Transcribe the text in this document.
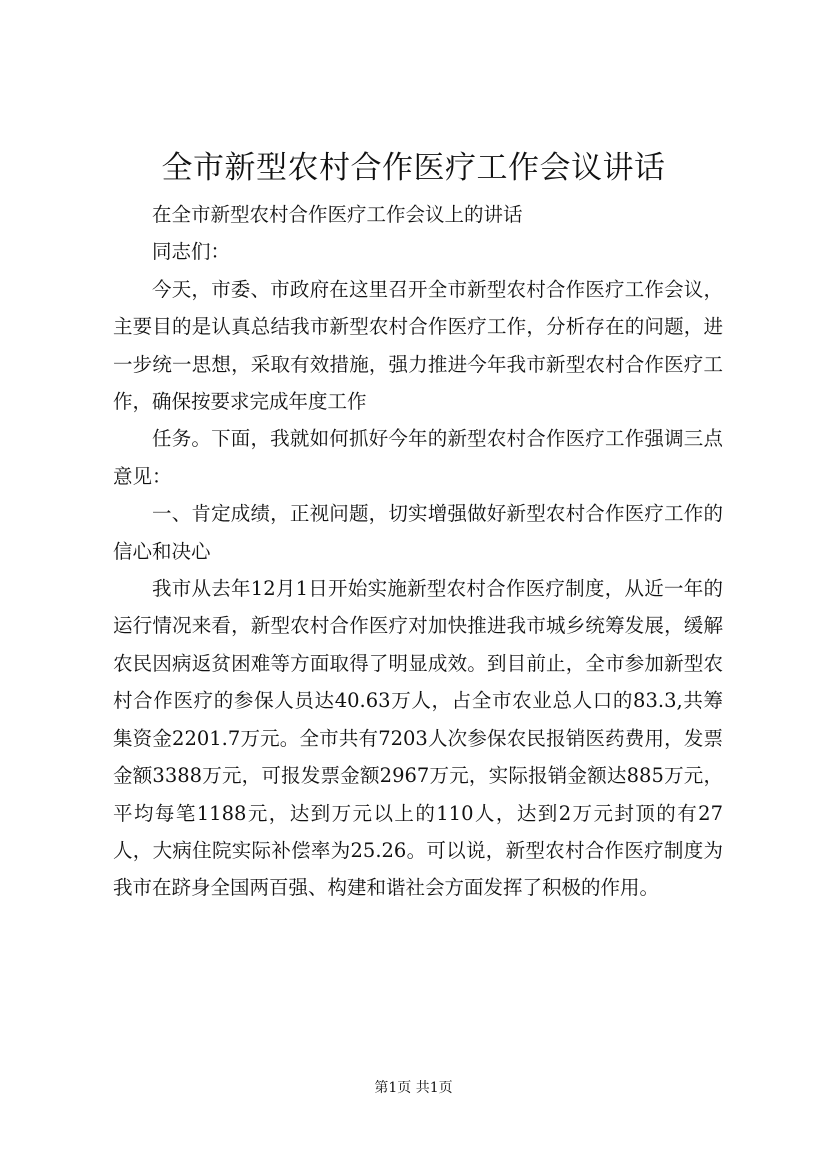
全市新型农村合作医疗工作会议讲话

在全市新型农村合作医疗工作会议上的讲话

同志们：

今天，市委、市政府在这里召开全市新型农村合作医疗工作会议，主要目的是认真总结我市新型农村合作医疗工作，分析存在的问题，进一步统一思想，采取有效措施，强力推进今年我市新型农村合作医疗工作，确保按要求完成年度工作

任务。下面，我就如何抓好今年的新型农村合作医疗工作强调三点意见：

一、肯定成绩，正视问题，切实增强做好新型农村合作医疗工作的信心和决心

我市从去年12月1日开始实施新型农村合作医疗制度，从近一年的运行情况来看，新型农村合作医疗对加快推进我市城乡统筹发展，缓解农民因病返贫困难等方面取得了明显成效。到目前止，全市参加新型农村合作医疗的参保人员达40.63万人，占全市农业总人口的83.3,共筹集资金2201.7万元。全市共有7203人次参保农民报销医药费用，发票金额3388万元，可报发票金额2967万元，实际报销金额达885万元，平均每笔1188元，达到万元以上的110人，达到2万元封顶的有27人，大病住院实际补偿率为25.26。可以说，新型农村合作医疗制度为我市在跻身全国两百强、构建和谐社会方面发挥了积极的作用。

第1页 共1页
